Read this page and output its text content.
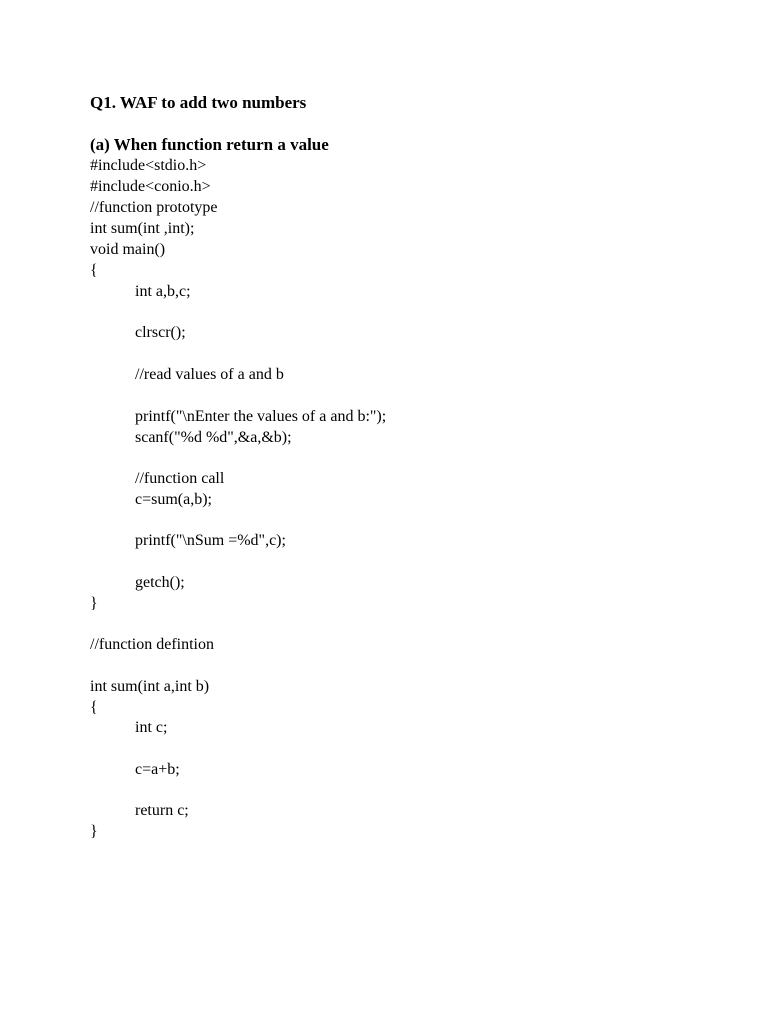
Q1. WAF to add two numbers
(a) When function return a value
#include<stdio.h>
#include<conio.h>
//function prototype
int sum(int ,int);
void main()
{
int a,b,c;
clrscr();
//read values of a and b
printf("\nEnter the values of a and b:");
scanf("%d %d",&a,&b);
//function call
c=sum(a,b);
printf("\nSum =%d",c);
getch();
}
//function defintion
int sum(int a,int b)
{
int c;
c=a+b;
return c;
}
